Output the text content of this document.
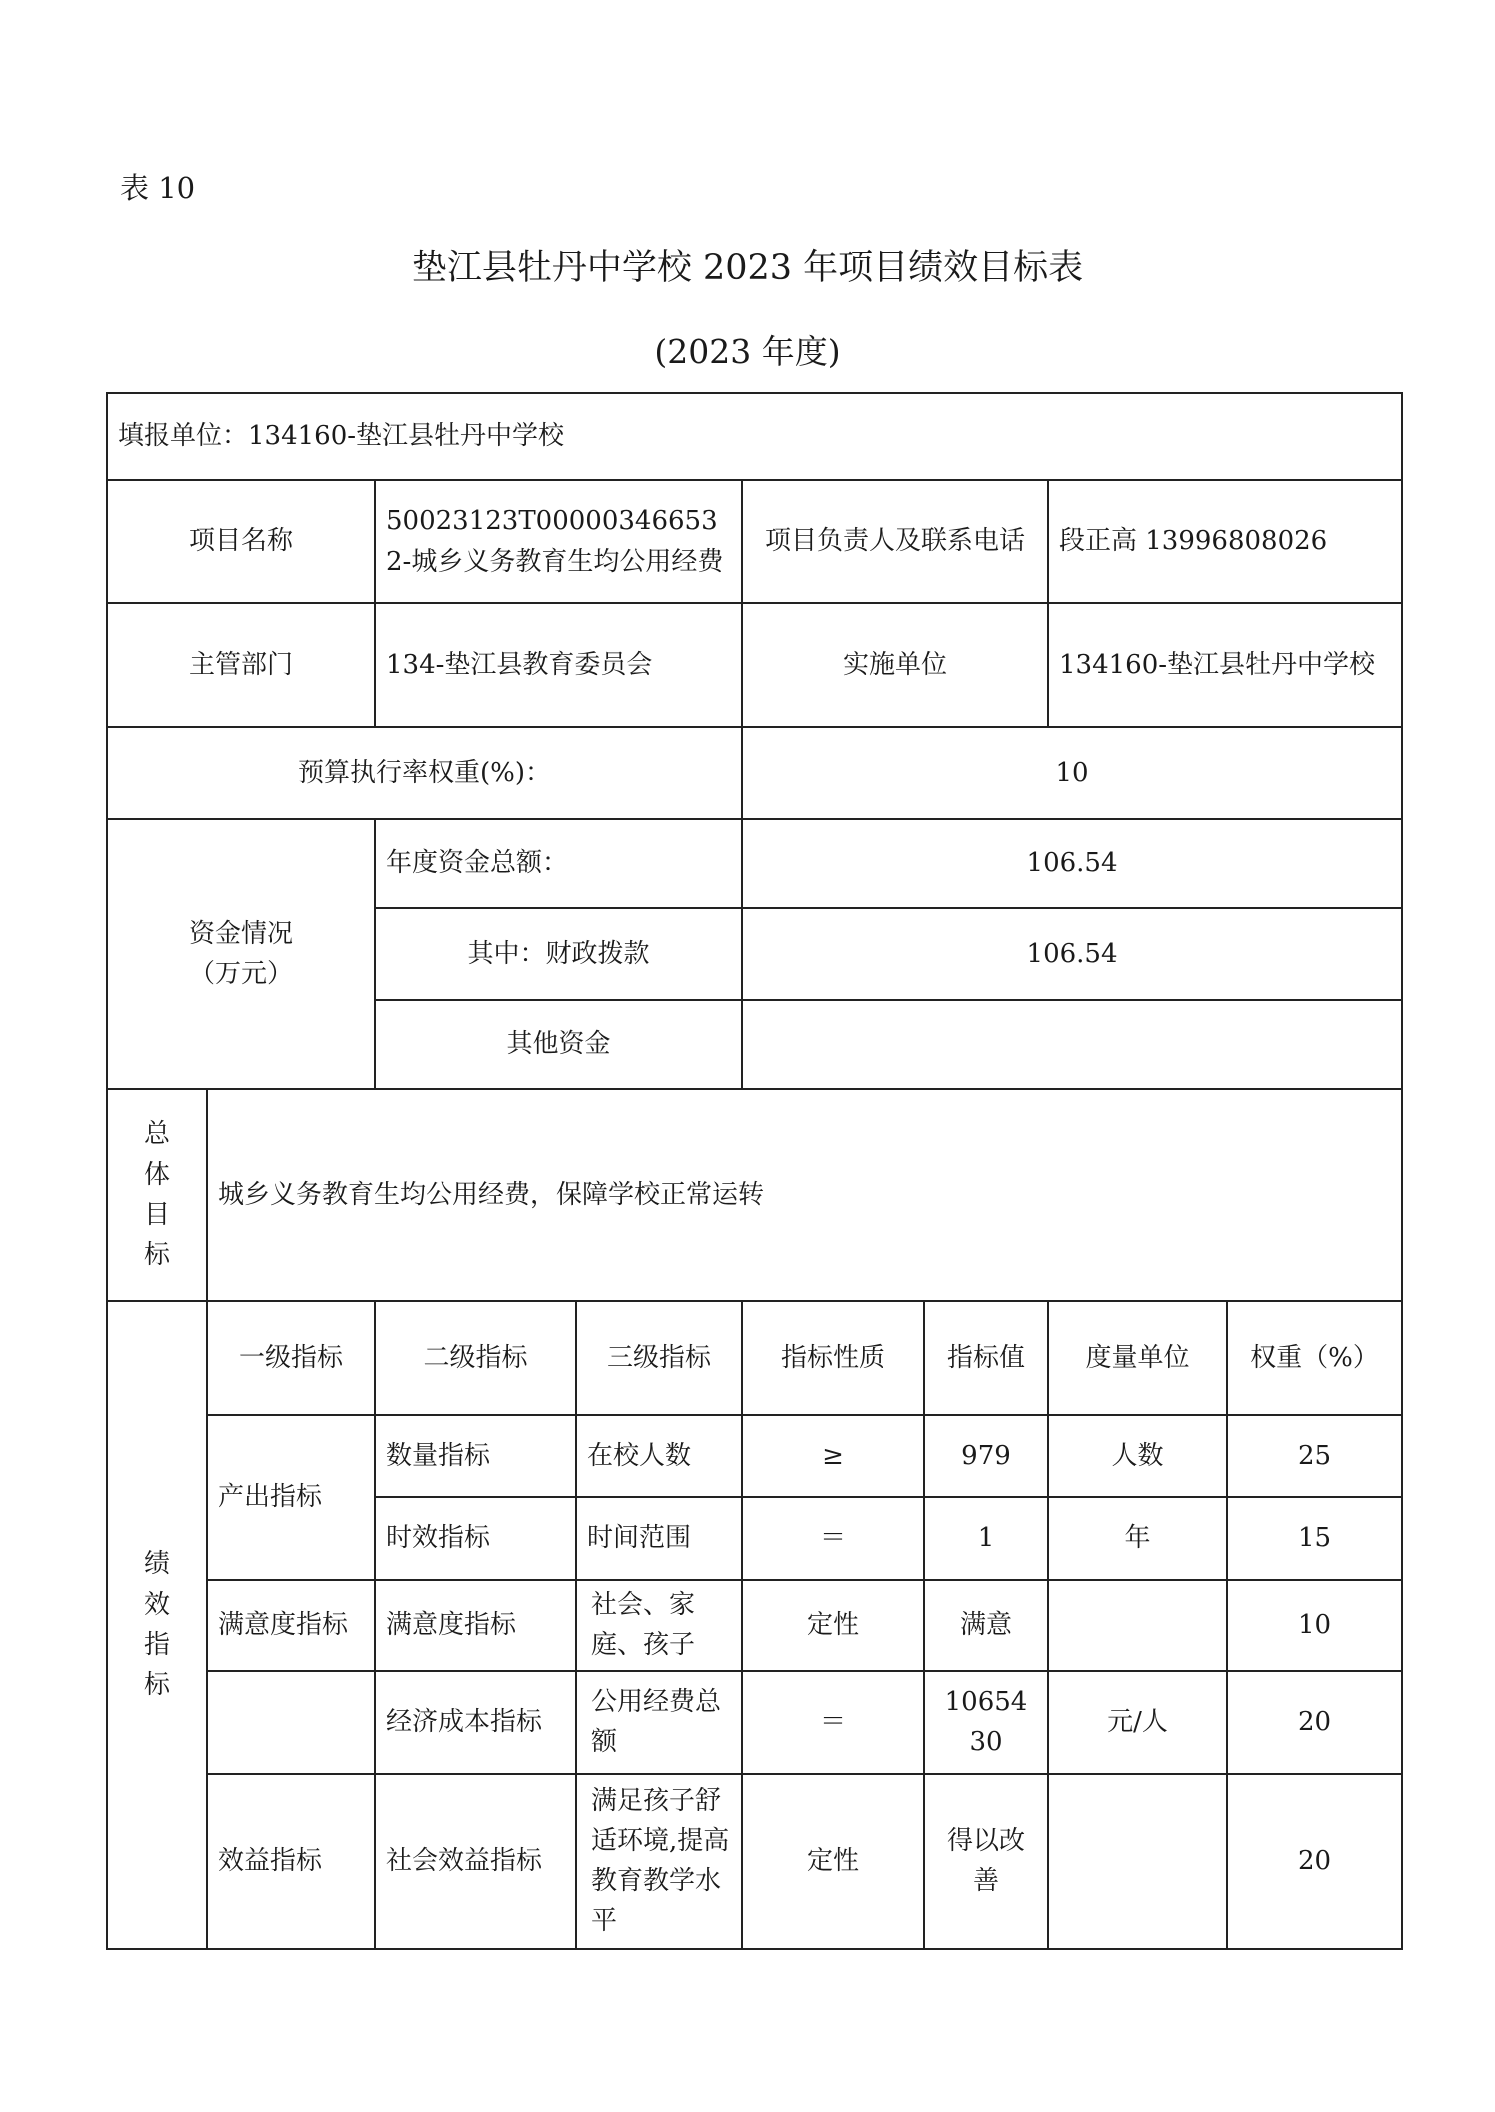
表 10
垫江县牡丹中学校 2023 年项目绩效目标表
(2023 年度)
填报单位：134160-垫江县牡丹中学校							
项目名称		50023123T000003466532-城乡义务教育生均公用经费		项目负责人及联系电话		段正高 13996808026	
主管部门		134-垫江县教育委员会		实施单位		134160-垫江县牡丹中学校	
预算执行率权重(%)：				10			

资金情况
（万元）		年度资金总额：		106.54			
		其中：财政拨款		106.54			
		其他资金					

总
体
目
标	城乡义务教育生均公用经费，保障学校正常运转						

绩
效
指
标	一级指标	二级指标	三级指标	指标性质	指标值	度量单位	权重（%）
	产出指标	数量指标	在校人数	≥	979	人数	25
		时效指标	时间范围	＝	1	年	15
	满意度指标	满意度指标	社会、家庭、孩子	定性	满意		10
		经济成本指标	公用经费总额	＝	1065430	元/人	20
	效益指标	社会效益指标	满足孩子舒适环境,提高教育教学水平	定性	得以改善		20
